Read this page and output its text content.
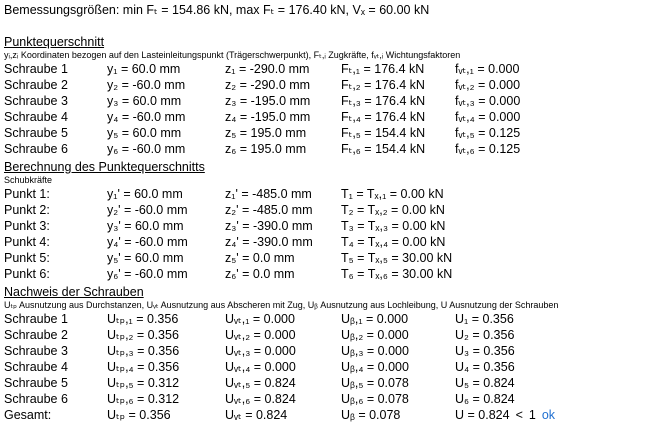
Bemessungsgrößen: min Fₜ = 154.86 kN, max Fₜ = 176.40 kN, Vₓ = 60.00 kN
Punktequerschnitt
yᵢ,zᵢ Koordinaten bezogen auf den Lasteinleitungspunkt (Trägerschwerpunkt), Fₜ,ᵢ Zugkräfte, fᵥₜ,ᵢ Wichtungsfaktoren
Schraube 1	y₁ = 60.0 mm	z₁ = -290.0 mm	Fₜ,₁ = 176.4 kN fᵥₜ,₁ = 0.000
Schraube 2	y₂ = -60.0 mm	z₂ = -290.0 mm Fₜ,₂ = 176.4 kN fᵥₜ,₂ = 0.000
Schraube 3	y₃ = 60.0 mm	z₃ = -195.0 mm Fₜ,₃ = 176.4 kN fᵥₜ,₃ = 0.000
Schraube 4	y₄ = -60.0 mm	z₄ = -195.0 mm Fₜ,₄ = 176.4 kN fᵥₜ,₄ = 0.000
Schraube 5	y₅ = 60.0 mm	z₅ = 195.0 mm	Fₜ,₅ = 154.4 kN fᵥₜ,₅ = 0.125
Schraube 6	y₆ = -60.0 mm	z₆ = 195.0 mm	Fₜ,₆ = 154.4 kN fᵥₜ,₆ = 0.125
Berechnung des Punktequerschnitts
Schubkräfte
Punkt 1:	y₁' = 60.0 mm	z₁' = -485.0 mm T₁ = Tₓ,₁ = 0.00 kN
Punkt 2:	y₂' = -60.0 mm	z₂' = -485.0 mm T₂ = Tₓ,₂ = 0.00 kN
Punkt 3:	y₃' = 60.0 mm	z₃' = -390.0 mm T₃ = Tₓ,₃ = 0.00 kN
Punkt 4:	y₄' = -60.0 mm	z₄' = -390.0 mm T₄ = Tₓ,₄ = 0.00 kN
Punkt 5:	y₅' = 60.0 mm	z₅' = 0.0 mm	T₅ = Tₓ,₅ = 30.00 kN
Punkt 6:	y₆' = -60.0 mm	z₆' = 0.0 mm	T₆ = Tₓ,₆ = 30.00 kN
Nachweis der Schrauben
Uₜₚ Ausnutzung aus Durchstanzen, Uᵥₜ Ausnutzung aus Abscheren mit Zug, Uᵦ Ausnutzung aus Lochleibung, U Ausnutzung der Schrauben
Schraube 1	Uₜₚ,₁ = 0.356	Uᵥₜ,₁ = 0.000	Uᵦ,₁ = 0.000	U₁ = 0.356
Schraube 2	Uₜₚ,₂ = 0.356	Uᵥₜ,₂ = 0.000	Uᵦ,₂ = 0.000	U₂ = 0.356
Schraube 3	Uₜₚ,₃ = 0.356	Uᵥₜ,₃ = 0.000	Uᵦ,₃ = 0.000	U₃ = 0.356
Schraube 4	Uₜₚ,₄ = 0.356	Uᵥₜ,₄ = 0.000	Uᵦ,₄ = 0.000	U₄ = 0.356
Schraube 5	Uₜₚ,₅ = 0.312	Uᵥₜ,₅ = 0.824	Uᵦ,₅ = 0.078	U₅ = 0.824
Schraube 6	Uₜₚ,₆ = 0.312	Uᵥₜ,₆ = 0.824	Uᵦ,₆ = 0.078	U₆ = 0.824
Gesamt:	Uₜₚ = 0.356	Uᵥₜ = 0.824	Uᵦ = 0.078	U = 0.824 < 1 ok
